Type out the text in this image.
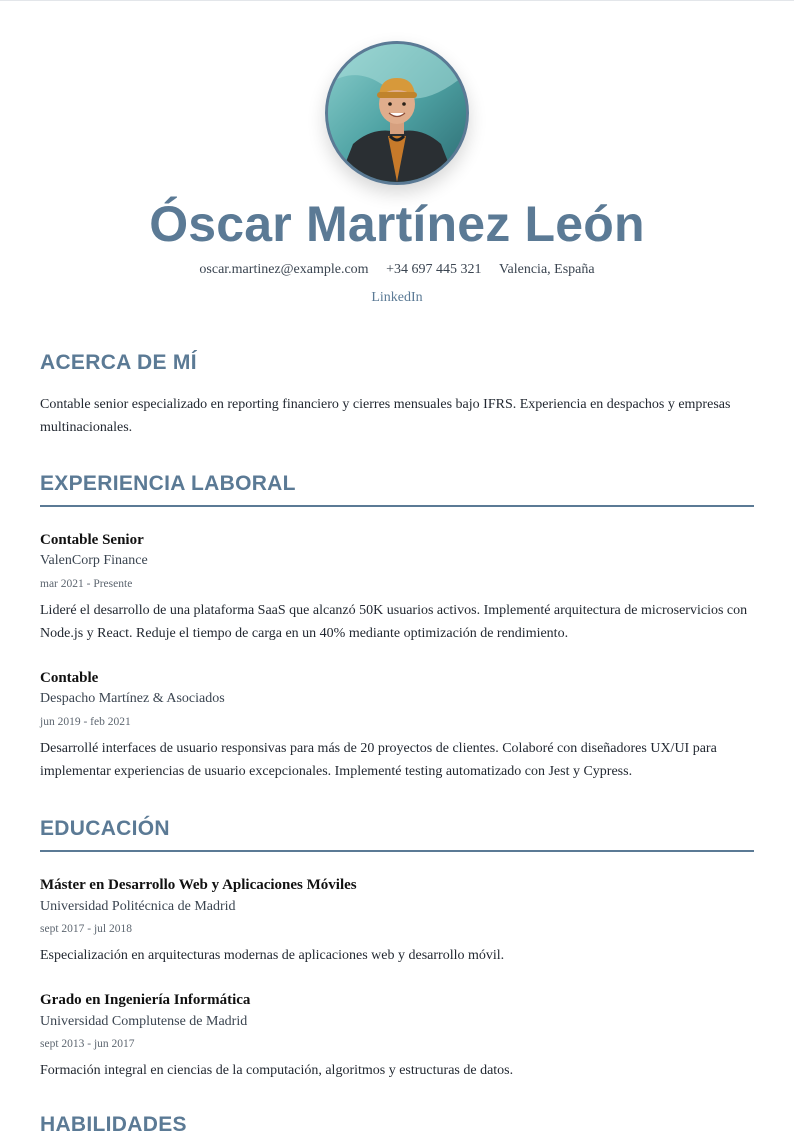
Óscar Martínez León
oscar.martinez@example.com +34 697 445 321 Valencia, España
LinkedIn
ACERCA DE MÍ

Contable senior especializado en reporting financiero y cierres mensuales bajo IFRS. Experiencia en despachos y empresas multinacionales.

EXPERIENCIA LABORAL
Contable Senior
ValenCorp Finance
mar 2021 - Presente

Lideré el desarrollo de una plataforma SaaS que alcanzó 50K usuarios activos. Implementé arquitectura de microservicios con Node.js y React. Reduje el tiempo de carga en un 40% mediante optimización de rendimiento.

Contable
Despacho Martínez & Asociados
jun 2019 - feb 2021

Desarrollé interfaces de usuario responsivas para más de 20 proyectos de clientes. Colaboré con diseñadores UX/UI para implementar experiencias de usuario excepcionales. Implementé testing automatizado con Jest y Cypress.

EDUCACIÓN
Máster en Desarrollo Web y Aplicaciones Móviles
Universidad Politécnica de Madrid
sept 2017 - jul 2018

Especialización en arquitecturas modernas de aplicaciones web y desarrollo móvil.

Grado en Ingeniería Informática
Universidad Complutense de Madrid
sept 2013 - jun 2017

Formación integral en ciencias de la computación, algoritmos y estructuras de datos.

HABILIDADES
